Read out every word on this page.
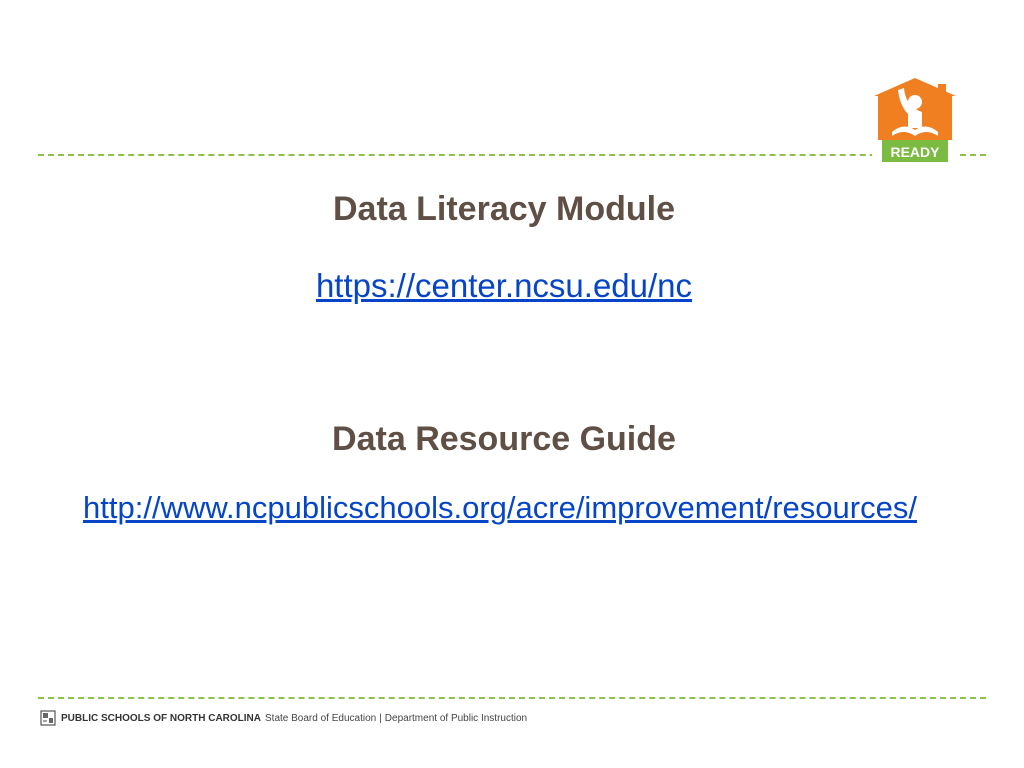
READY
Data Literacy Module
https://center.ncsu.edu/nc
Data Resource Guide
http://www.ncpublicschools.org/acre/improvement/resources/
PUBLIC SCHOOLS OF NORTH CAROLINA State Board of Education | Department of Public Instruction
